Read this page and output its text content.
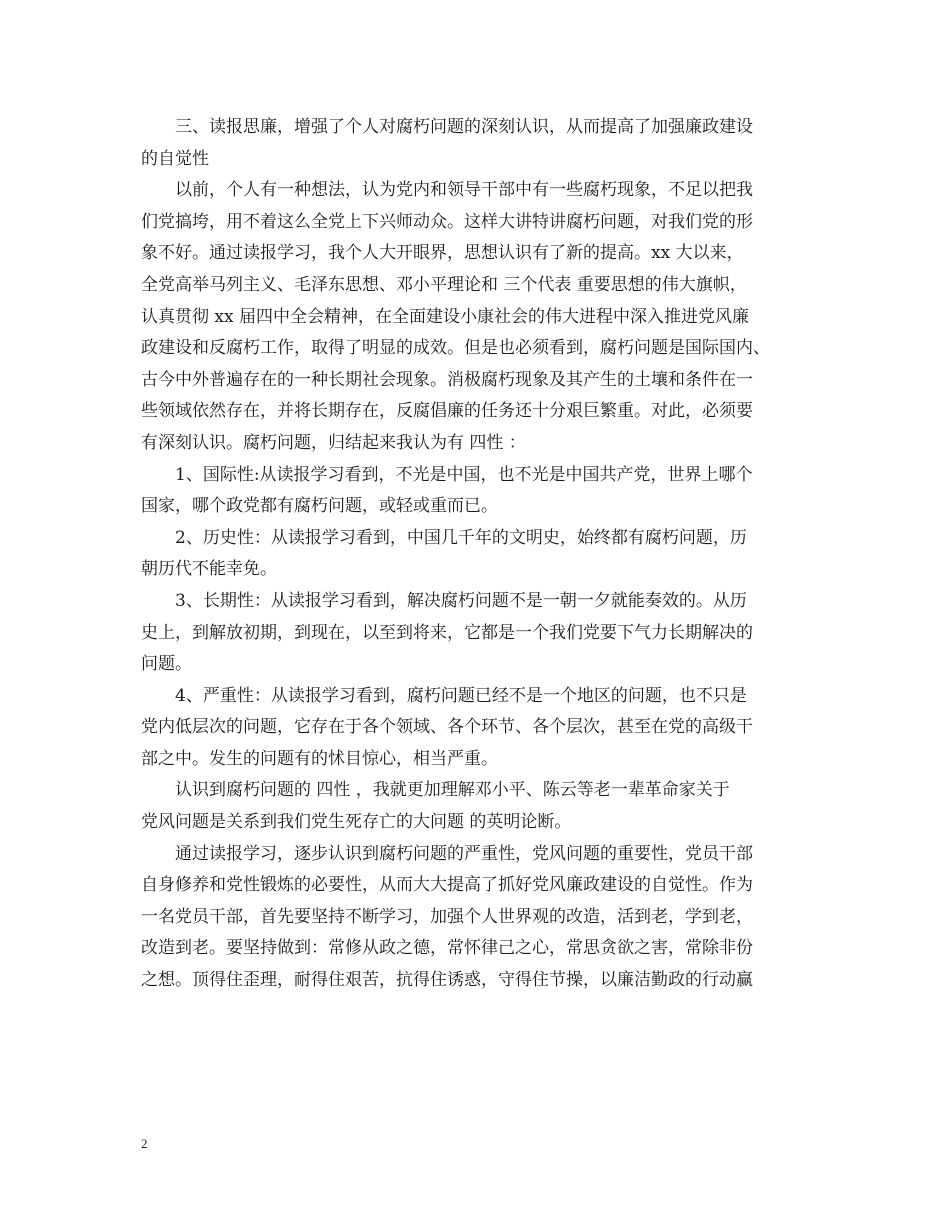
三、读报思廉，增强了个人对腐朽问题的深刻认识，从而提高了加强廉政建设
的自觉性
以前，个人有一种想法，认为党内和领导干部中有一些腐朽现象，不足以把我
们党搞垮，用不着这么全党上下兴师动众。这样大讲特讲腐朽问题，对我们党的形
象不好。通过读报学习，我个人大开眼界，思想认识有了新的提高。xx 大以来，
全党高举马列主义、毛泽东思想、邓小平理论和 三个代表 重要思想的伟大旗帜，
认真贯彻 xx 届四中全会精神，在全面建设小康社会的伟大进程中深入推进党风廉
政建设和反腐朽工作，取得了明显的成效。但是也必须看到，腐朽问题是国际国内、
古今中外普遍存在的一种长期社会现象。消极腐朽现象及其产生的土壤和条件在一
些领域依然存在，并将长期存在，反腐倡廉的任务还十分艰巨繁重。对此，必须要
有深刻认识。腐朽问题，归结起来我认为有 四性 ：
1、国际性:从读报学习看到，不光是中国，也不光是中国共产党，世界上哪个
国家，哪个政党都有腐朽问题，或轻或重而已。
2、历史性：从读报学习看到，中国几千年的文明史，始终都有腐朽问题，历
朝历代不能幸免。
3、长期性：从读报学习看到，解决腐朽问题不是一朝一夕就能奏效的。从历
史上，到解放初期，到现在，以至到将来，它都是一个我们党要下气力长期解决的
问题。
4、严重性：从读报学习看到，腐朽问题已经不是一个地区的问题，也不只是
党内低层次的问题，它存在于各个领域、各个环节、各个层次，甚至在党的高级干
部之中。发生的问题有的怵目惊心，相当严重。
认识到腐朽问题的 四性 ，我就更加理解邓小平、陈云等老一辈革命家关于
党风问题是关系到我们党生死存亡的大问题 的英明论断。
通过读报学习，逐步认识到腐朽问题的严重性，党风问题的重要性，党员干部
自身修养和党性锻炼的必要性，从而大大提高了抓好党风廉政建设的自觉性。作为
一名党员干部，首先要坚持不断学习，加强个人世界观的改造，活到老，学到老，
改造到老。要坚持做到：常修从政之德，常怀律己之心，常思贪欲之害，常除非份
之想。顶得住歪理，耐得住艰苦，抗得住诱惑，守得住节操，以廉洁勤政的行动赢
2
